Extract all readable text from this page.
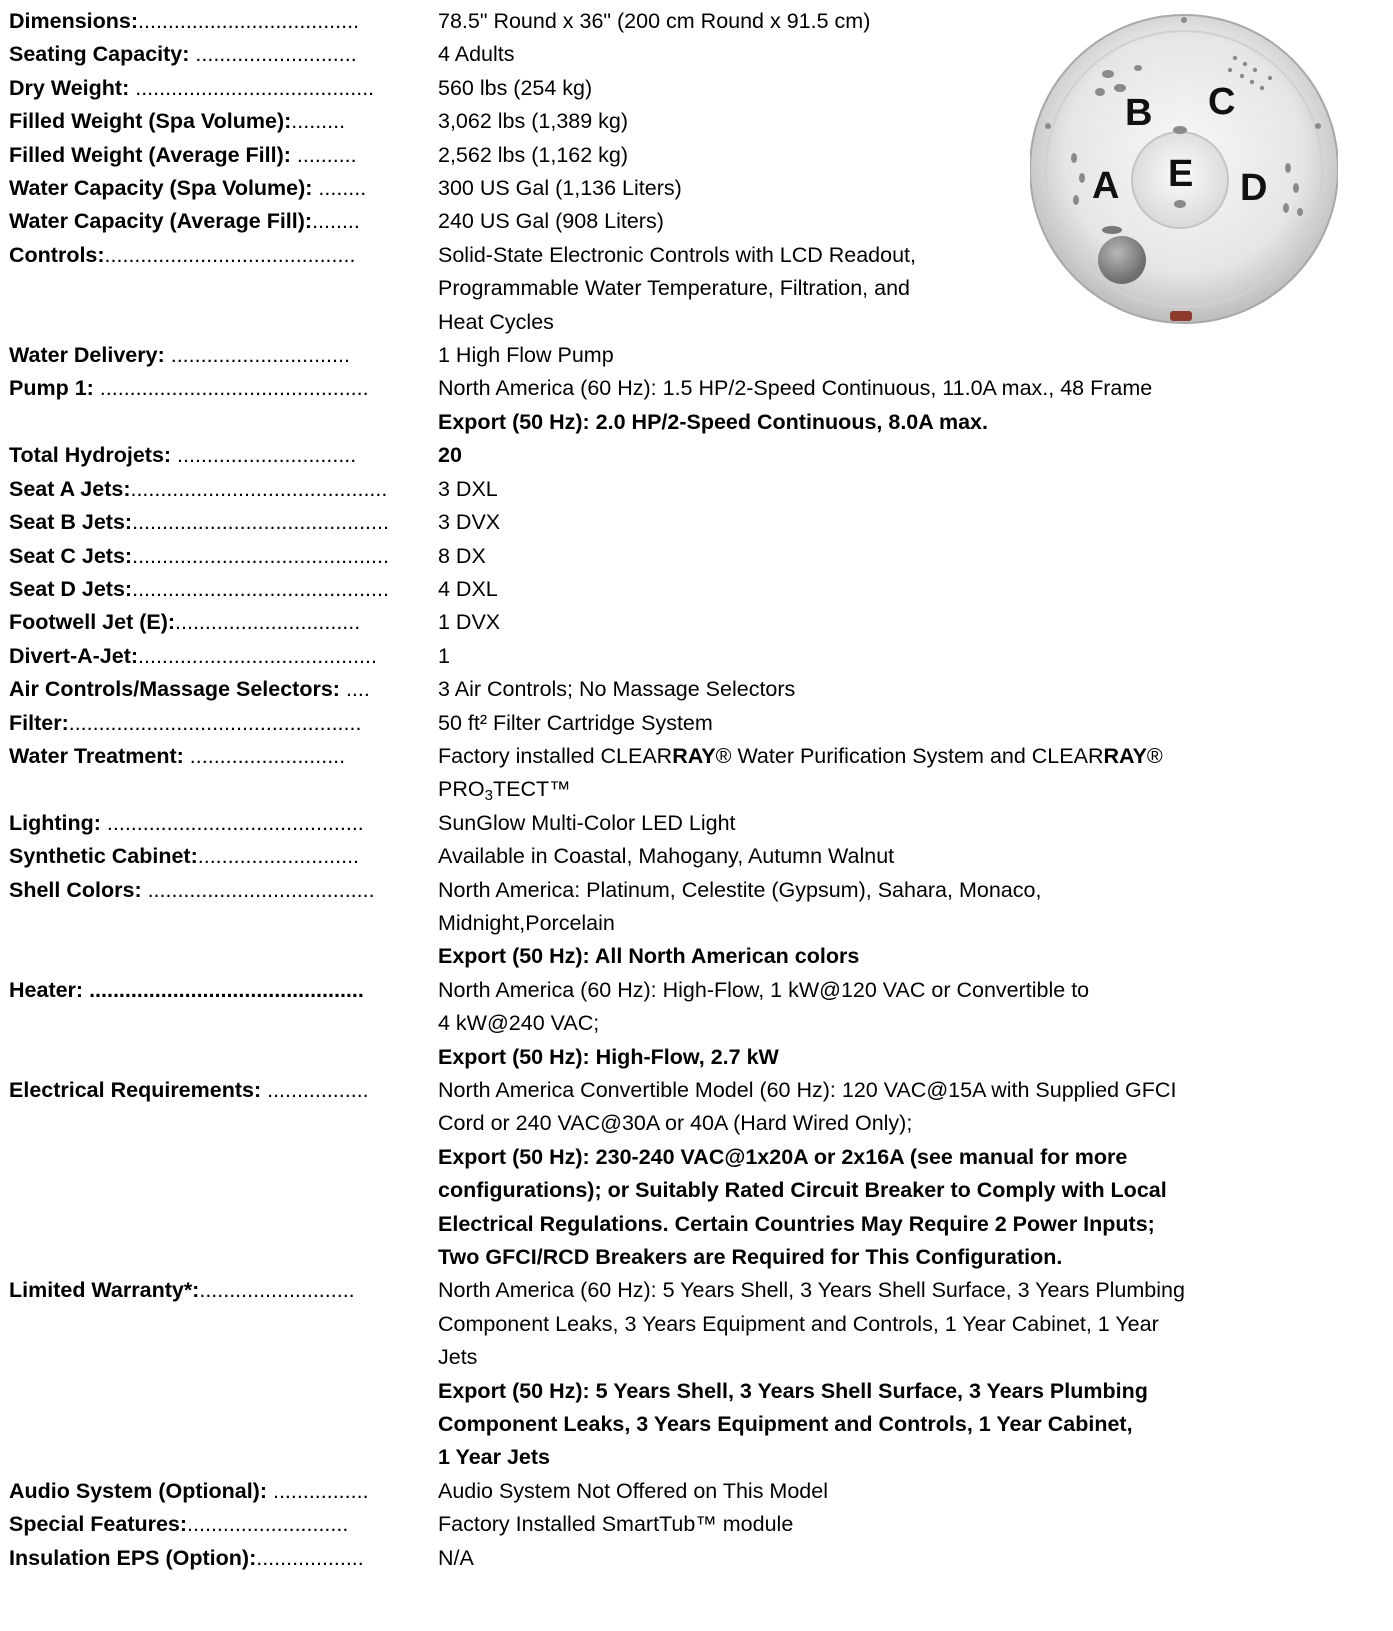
Dimensions:.....................................	78.5" Round x 36" (200 cm Round x 91.5 cm)
Seating Capacity: ...........................	4 Adults
Dry Weight: ........................................	560 lbs (254 kg)
Filled Weight (Spa Volume):.........	3,062 lbs (1,389 kg)
Filled Weight (Average Fill): ..........	2,562 lbs (1,162 kg)
Water Capacity (Spa Volume): ........	300 US Gal (1,136 Liters)
Water Capacity (Average Fill):........	240 US Gal (908 Liters)
Controls:..........................................	Solid-State Electronic Controls with LCD Readout,
Programmable Water Temperature, Filtration, and
Heat Cycles
Water Delivery: ..............................	1 High Flow Pump
Pump 1: .............................................	North America (60 Hz): 1.5 HP/2-Speed Continuous, 11.0A max., 48 Frame
Export (50 Hz): 2.0 HP/2-Speed Continuous, 8.0A max.
Total Hydrojets: ..............................	20
Seat A Jets:...........................................	3 DXL
Seat B Jets:...........................................	3 DVX
Seat C Jets:...........................................	8 DX
Seat D Jets:...........................................	4 DXL
Footwell Jet (E):...............................	1 DVX
Divert-A-Jet:........................................	1
Air Controls/Massage Selectors: ....	3 Air Controls; No Massage Selectors
Filter:.................................................	50 ft² Filter Cartridge System
Water Treatment: ..........................	Factory installed CLEARRAY® Water Purification System and CLEARRAY®
$PRO_3TECT™$
Lighting: ...........................................	SunGlow Multi-Color LED Light
Synthetic Cabinet:...........................	Available in Coastal, Mahogany, Autumn Walnut
Shell Colors: ......................................	North America: Platinum, Celestite (Gypsum), Sahara, Monaco,
Midnight,Porcelain
Export (50 Hz): All North American colors
Heater: ..............................................	North America (60 Hz): High-Flow, 1 kW@120 VAC or Convertible to
4 kW@240 VAC;
Export (50 Hz): High-Flow, 2.7 kW
Electrical Requirements: .................	North America Convertible Model (60 Hz): 120 VAC@15A with Supplied GFCI
Cord or 240 VAC@30A or 40A (Hard Wired Only);
Export (50 Hz): 230-240 VAC@1x20A or 2x16A (see manual for more
configurations); or Suitably Rated Circuit Breaker to Comply with Local
Electrical Regulations. Certain Countries May Require 2 Power Inputs;
Two GFCI/RCD Breakers are Required for This Configuration.
Limited Warranty*:..........................	North America (60 Hz): 5 Years Shell, 3 Years Shell Surface, 3 Years Plumbing
Component Leaks, 3 Years Equipment and Controls, 1 Year Cabinet, 1 Year
Jets
Export (50 Hz): 5 Years Shell, 3 Years Shell Surface, 3 Years Plumbing
Component Leaks, 3 Years Equipment and Controls, 1 Year Cabinet,
1 Year Jets
Audio System (Optional): ................	Audio System Not Offered on This Model
Special Features:...........................	Factory Installed SmartTub™ module
Insulation EPS (Option):..................	N/A
B C
A E D
